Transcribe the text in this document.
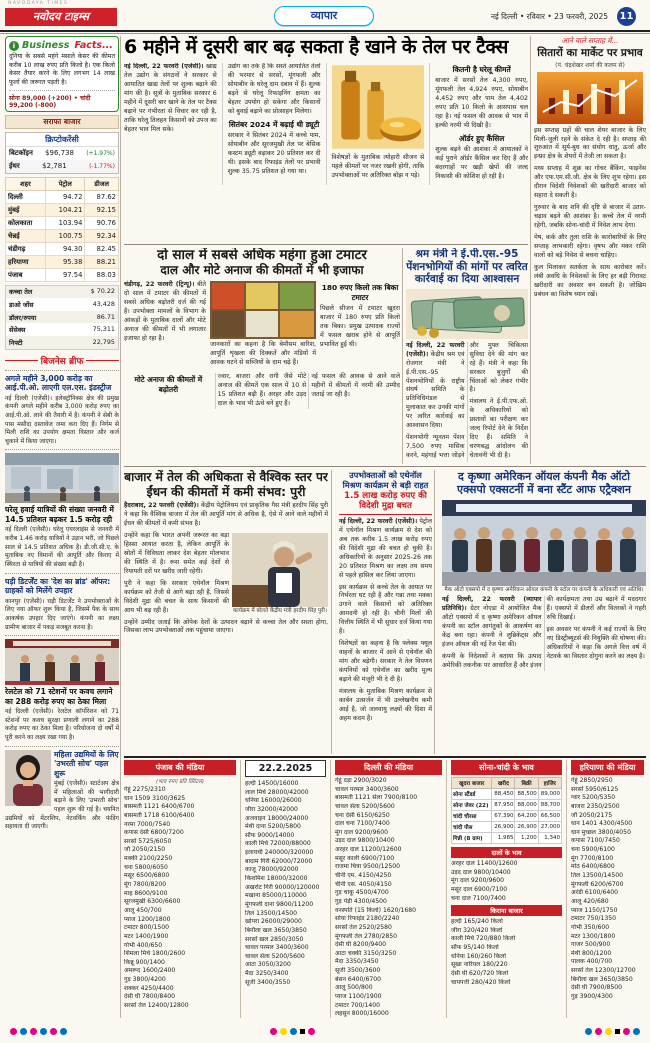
NAVODAYA TIMES
नवोदय टाइम्स	व्यापार	नई दिल्ली • रविवार • 23 फरवरी, 2025 11
i Business Facts...
दुनिया के सबसे महंगे मसाले केसर की कीमत करीब 10 लाख रुपए प्रति किलो है। एक किलो केसर तैयार करने के लिए लगभग 14 लाख फूलों की जरूरत पड़ती है।
सोना 89,000 (+200) • चांदी 99,200 (-800)
सराफा बाजार
क्रिप्टोकरेंसी
बिटकॉइन $96,738 (+1.97%)
ईथर	$2,781	(-1.77%)
शहर	पेट्रोल	डीजल
दिल्ली	94.72	87.62
मुंबई	104.21	92.15
कोलकाता	103.94	90.76
चेन्नई	100.75	92.34
चंडीगढ़	94.30	82.45
हरियाणा	95.38	88.21
पंजाब	97.54	88.03
कच्चा तेल	$ 70.22
डाओ जोंस	43,428
डॉलर/रुपया	86.71
सेंसेक्स	75,311
निफ्टी	22,795
बिजनेस ब्रीफ
अगले महीने 3,000 करोड़ का आई.पी.ओ. लाएगी एल.एस. इंडस्ट्रीज

नई दिल्ली (एजेंसी)। इलेक्ट्रॉनिक्स क्षेत्र की प्रमुख कंपनी अगले महीने करीब 3,000 करोड़ रुपए का आई.पी.ओ. लाने की तैयारी में है। कंपनी ने सेबी के पास मसौदा दस्तावेज जमा करा दिए हैं। निर्गम से मिली राशि का उपयोग क्षमता विस्तार और कर्ज चुकाने में किया जाएगा।

घरेलू हवाई यात्रियों की संख्या जनवरी में 14.5 प्रतिशत बढ़कर 1.5 करोड़ रही

नई दिल्ली (एजेंसी)। घरेलू एयरलाइंस से जनवरी में करीब 1.46 करोड़ यात्रियों ने उड़ान भरी, जो पिछले साल से 14.5 प्रतिशत अधिक है। डी.जी.सी.ए. के मुताबिक नए विमानों की आपूर्ति और किराए में स्थिरता से यात्रियों की संख्या बढ़ी है।

घड़ी डिटर्जेंट का 'देश का ब्रांड' ऑफर: ग्राहकों को मिलेंगे उपहार

कानपुर (एजेंसी)। घड़ी डिटर्जेंट ने उपभोक्ताओं के लिए नया ऑफर शुरू किया है, जिसमें पैक के साथ आकर्षक उपहार दिए जाएंगे। कंपनी का लक्ष्य ग्रामीण बाजार में पकड़ मजबूत करना है।

रेलटेल को 71 स्टेशनों पर कवच लगाने का 288 करोड़ रुपए का ठेका मिला

नई दिल्ली (एजेंसी)। रेलटेल कॉर्पोरेशन को 71 स्टेशनों पर कवच सुरक्षा प्रणाली लगाने का 288 करोड़ रुपए का ठेका मिला है। परियोजना दो वर्षों में पूरी करने का लक्ष्य रखा गया है।

महिला उद्यमियों के लिए 'उभरती सोच' पहल शुरू

मुंबई (एजेंसी)। स्टार्टअप क्षेत्र में महिलाओं की भागीदारी बढ़ाने के लिए 'उभरती सोच' पहल शुरू की गई है। चयनित उद्यमियों को मेंटरशिप, नेटवर्किंग और फंडिंग सहायता दी जाएगी।

6 महीने में दूसरी बार बढ़ सकता है खाने के तेल पर टैक्स

नई दिल्ली, 22 फरवरी (एजेंसी)। खाद्य तेल उद्योग के संगठनों ने सरकार से आयातित खाद्य तेलों पर शुल्क बढ़ाने की मांग की है। सूत्रों के मुताबिक सरकार 6 महीने में दूसरी बार खाने के तेल पर टैक्स बढ़ाने पर गंभीरता से विचार कर रही है, ताकि घरेलू तिलहन किसानों को उपज का बेहतर भाव मिल सके।

उद्योग का तर्क है कि सस्ते आयातित तेलों की भरमार से सरसों, मूंगफली और सोयाबीन के घरेलू दाम दबाव में हैं। शुल्क बढ़ने से घरेलू रिफाइनिंग क्षमता का बेहतर उपयोग हो सकेगा और किसानों को बुवाई बढ़ाने का प्रोत्साहन मिलेगा।

सितंबर 2024 में बढ़ाई थी ड्यूटी

सरकार ने सितंबर 2024 में कच्चे पाम, सोयाबीन और सूरजमुखी तेल पर बेसिक कस्टम ड्यूटी बढ़ाकर 20 प्रतिशत कर दी थी। इसके बाद रिफाइंड तेलों पर प्रभावी शुल्क 35.75 प्रतिशत हो गया था।

विशेषज्ञों के मुताबिक त्योहारी सीजन से पहले कीमतों पर नजर रखनी होगी, ताकि उपभोक्ताओं पर अतिरिक्त बोझ न पड़े।

कितनी है घरेलू कीमतें

बाजार में सरसों तेल 4,300 रुपए, मूंगफली तेल 4,924 रुपए, सोयाबीन 4,452 रुपए और पाम तेल 4,402 रुपए प्रति 10 किलो के आसपास चल रहा है। नई फसल की आवक से भाव में हल्की नरमी भी दिखी है।

ऑर्डर हुए कैंसिल

शुल्क बढ़ने की आशंका में आयातकों ने कई पुराने ऑर्डर कैंसिल कर दिए हैं और बंदरगाहों पर खड़ी खेपों की जल्द निकासी की कोशिश हो रही है।

दो साल में सबसे अधिक महंगा हुआ टमाटर
दाल और मोटे अनाज की कीमतों में भी इजाफा

चंडीगढ़, 22 फरवरी (ट्रिन्यू)। बीते दो साल में टमाटर की कीमतों में सबसे अधिक बढ़ोतरी दर्ज की गई है। उपभोक्ता मामलों के विभाग के आंकड़ों के मुताबिक दालों और मोटे अनाज की कीमतों में भी लगातार इजाफा हो रहा है।

जानकारों का कहना है कि बेमौसम बारिश, आपूर्ति शृंखला की दिक्कतें और मंडियों में आवक घटने से सब्जियों के दाम चढ़े हैं।

180 रुपए किलो तक बिका टमाटर

पिछले सीजन में टमाटर खुदरा बाजार में 180 रुपए प्रति किलो तक बिका। प्रमुख उत्पादक राज्यों में फसल खराब होने से आपूर्ति प्रभावित हुई थी।

मोटे अनाज की कीमतों में बढ़ोतरी

ज्वार, बाजरा और रागी जैसे मोटे अनाज की कीमतें एक साल में 10 से 15 प्रतिशत बढ़ी हैं। अरहर और उड़द दाल के भाव भी ऊंचे बने हुए हैं।

नई फसल की आवक से आने वाले महीनों में कीमतों में नरमी की उम्मीद जताई जा रही है।

श्रम मंत्री ने ई.पी.एस.-95 पेंशनभोगियों की मांगों पर त्वरित कार्रवाई का दिया आश्वासन

नई दिल्ली, 22 फरवरी (एजेंसी)। केंद्रीय श्रम एवं रोजगार मंत्री ने ई.पी.एस.-95 पेंशनभोगियों के राष्ट्रीय संघर्ष समिति के प्रतिनिधिमंडल से मुलाकात कर उनकी मांगों पर त्वरित कार्रवाई का आश्वासन दिया।

पेंशनभोगी न्यूनतम पेंशन 7,500 रुपए मासिक करने, महंगाई भत्ता जोड़ने और मुफ्त चिकित्सा सुविधा देने की मांग कर रहे हैं। मंत्री ने कहा कि सरकार बुजुर्गों की चिंताओं को लेकर गंभीर है।

मंत्रालय ने ई.पी.एफ.ओ. के अधिकारियों को प्रस्तावों का परीक्षण कर जल्द रिपोर्ट देने के निर्देश दिए हैं। समिति ने चरणबद्ध आंदोलन की चेतावनी भी दी है।

आने वाले सप्ताह में...
सितारों का मार्केट पर प्रभाव
(पं. चंद्रशेखर शर्मा की कलम से)

इस सप्ताह ग्रहों की चाल शेयर बाजार के लिए मिली-जुली रहने के संकेत दे रही है। सप्ताह की शुरुआत में सूर्य-बुध का संयोग धातु, ऊर्जा और इन्फ्रा क्षेत्र के शेयरों में तेजी ला सकता है।

मध्य सप्ताह में शुक्र का गोचर बैंकिंग, फाइनेंस और एफ.एम.सी.जी. क्षेत्र के लिए शुभ रहेगा। इस दौरान विदेशी निवेशकों की खरीदारी बाजार को सहारा दे सकती है।

गुरुवार के बाद शनि की दृष्टि से बाजार में उतार-चढ़ाव बढ़ने की आशंका है। कच्चे तेल में नरमी रहेगी, जबकि सोना-चांदी में निवेश लाभ देगा।

मेष, कर्क और तुला राशि के कारोबारियों के लिए सप्ताह लाभकारी रहेगा। वृषभ और मकर राशि वालों को बड़े निवेश से बचना चाहिए।

कुल मिलाकर सतर्कता के साथ कारोबार करें। लंबी अवधि के निवेशकों के लिए हर बड़ी गिरावट खरीदारी का अवसर बन सकती है। जोखिम प्रबंधन का विशेष ध्यान रखें।

बाजार में तेल की अधिकता से वैश्विक स्तर पर ईंधन की कीमतों में कमी संभव: पुरी

हैदराबाद, 22 फरवरी (एजेंसी)। केंद्रीय पेट्रोलियम एवं प्राकृतिक गैस मंत्री हरदीप सिंह पुरी ने कहा कि वैश्विक बाजार में तेल की आपूर्ति मांग से अधिक है, ऐसे में आने वाले महीनों में ईंधन की कीमतों में कमी संभव है।

कार्यक्रम में बोलते केंद्रीय मंत्री हरदीप सिंह पुरी।

उन्होंने कहा कि भारत अपनी जरूरत का बड़ा हिस्सा आयात करता है, लेकिन आपूर्ति के स्रोतों में विविधता लाकर देश बेहतर मोलभाव की स्थिति में है। रूस समेत कई देशों से रियायती दरों पर खरीद जारी रहेगी।

पुरी ने कहा कि सरकार एथेनॉल मिश्रण कार्यक्रम को तेजी से आगे बढ़ा रही है, जिससे विदेशी मुद्रा की बचत के साथ किसानों की आय भी बढ़ रही है।

उन्होंने उम्मीद जताई कि ओपेक देशों के उत्पादन बढ़ाने से कच्चा तेल और सस्ता होगा, जिसका लाभ उपभोक्ताओं तक पहुंचाया जाएगा।

उपभोक्ताओं को एथेनॉल मिश्रण कार्यक्रम से बड़ी राहत
1.5 लाख करोड़ रुपए की विदेशी मुद्रा बचत

नई दिल्ली, 22 फरवरी (एजेंसी)। पेट्रोल में एथेनॉल मिश्रण कार्यक्रम से देश को अब तक करीब 1.5 लाख करोड़ रुपए की विदेशी मुद्रा की बचत हो चुकी है। अधिकारियों के अनुसार 2025-26 तक 20 प्रतिशत मिश्रण का लक्ष्य तय समय से पहले हासिल कर लिया जाएगा।

इस कार्यक्रम से कच्चे तेल के आयात पर निर्भरता घट रही है और गन्ना तथा मक्का उगाने वाले किसानों को अतिरिक्त आमदनी हो रही है। चीनी मिलों की वित्तीय स्थिति में भी सुधार दर्ज किया गया है।

विशेषज्ञों का कहना है कि फ्लेक्स फ्यूल वाहनों के बाजार में आने से एथेनॉल की मांग और बढ़ेगी। सरकार ने तेल विपणन कंपनियों को एथेनॉल का खरीद मूल्य बढ़ाने की मंजूरी भी दे दी है।

मंत्रालय के मुताबिक मिश्रण कार्यक्रम से कार्बन उत्सर्जन में भी उल्लेखनीय कमी आई है, जो जलवायु लक्ष्यों की दिशा में अहम कदम है।

द कृष्णा अमेरिकन ऑयल कंपनी मैक ऑटो एक्सपो एक्सटर्नी में बना स्टैंट आफ एट्रैक्शन
मैक ऑटो एक्सपो में द कृष्णा अमेरिकन ऑयल कंपनी के स्टॉल पर कंपनी के अधिकारी एवं अतिथि।

नई दिल्ली, 22 फरवरी (व्यापार प्रतिनिधि)। ग्रेटर नोएडा में आयोजित मैक ऑटो एक्सपो में द कृष्णा अमेरिकन ऑयल कंपनी का स्टॉल आगंतुकों के आकर्षण का केंद्र बना रहा। कंपनी ने लुब्रिकेंट्स और इंजन ऑयल की नई रेंज पेश की।

कंपनी के निदेशकों ने बताया कि उत्पाद अमेरिकी तकनीक पर आधारित हैं और इंजन की कार्यक्षमता तथा उम्र बढ़ाने में मददगार हैं। एक्सपो में डीलरों और वितरकों ने गहरी रुचि दिखाई।

इस अवसर पर कंपनी ने कई राज्यों के लिए नए डिस्ट्रीब्यूटर्स की नियुक्ति की घोषणा की। अधिकारियों ने कहा कि अगले वित्त वर्ष में नेटवर्क का विस्तार दोगुना करने का लक्ष्य है।

पंजाब की मंडिया
(भाव रुपए प्रति क्विंटल)
गेहूं 2275/2310
धान 1509 3100/3625
बासमती 1121 6400/6700
बासमती 1718 6100/6400
नरमा 7000/7540
कपास देसी 6800/7200
सरसों 5725/6050
जौ 2050/2150
मक्की 2100/2250
चना 5800/6050
मसूर 6500/6800
मूंग 7800/8200
माह 8600/9100
सूरजमुखी 6300/6600
आलू 450/700
प्याज 1200/1800
टमाटर 800/1500
मटर 1400/1900
गोभी 400/650
शिमला मिर्च 1800/2600
किन्नू 900/1400
अमरूद 1600/2400
गुड़ 3800/4200
शक्कर 4250/4400
देसी घी 7800/8400
सरसों तेल 12400/12800
22.2.2025
हल्दी 14500/16000
लाल मिर्च 28000/42000
धनिया 16000/26000
जीरा 32000/42000
अजवाइन 18000/24000
मेथी दाना 5200/5800
सौंफ 9000/14000
काली मिर्च 72000/88000
इलायची 240000/320000
बादाम गिरी 62000/72000
काजू 78000/92000
किशमिश 18000/32000
अखरोट गिरी 90000/120000
मखाना 85000/110000
मूंगफली दाना 9800/11200
तिल 13500/14500
खोपरा 26000/29000
बिनौला खल 3650/3850
सरसों खल 2850/3050
चावल परमल 3400/3600
चावल सेला 5200/5600
आटा 3050/3200
मैदा 3250/3400
सूजी 3400/3550
दिल्ली की मंडिया
गेहूं दड़ा 2900/3020
चावल परमल 3400/3600
बासमती 1121 सेला 7900/8100
चावल सेला 5200/5600
चना देसी 6150/6250
दाल चना 7100/7400
मूंग दाल 9200/9600
उड़द दाल 9800/10400
अरहर दाल 11200/12600
मसूर काली 6900/7100
राजमा चित्रा 9500/12500
चीनी एम. 4150/4250
चीनी एस. 4050/4150
गुड़ चाकू 4500/4700
गुड़ पेड़ी 4300/4500
वनस्पति (15 किलो) 1620/1680
सोया रिफाइंड 2180/2240
सरसों तेल 2520/2580
मूंगफली तेल 2780/2850
देसी घी 8200/9400
आटा चक्की 3150/3250
मैदा 3350/3450
सूजी 3500/3600
बेसन 6400/6700
आलू 500/800
प्याज 1100/1900
टमाटर 700/1400
लहसुन 8000/16000
सोना-चांदी के भाव
खुदरा बाजार	खरीद	बिक्री	हाजिर
सोना स्टैंडर्ड	88,450	88,500	89,000
सोना जेवर (22)	87,950	88,000	88,700
चांदी चौरसा	67,390	64,200	66,500
चांदी पीस	26,900	26,900	27,000
गिन्नी (8 ग्राम)	1,985	1,200	1,340
दालों के भाव
अरहर दाल 11400/12600
उड़द दाल 9800/10400
मूंग दाल 9200/9600
मसूर दाल 6900/7100
चना दाल 7100/7400
किराना बाजार
हल्दी 165/240 किलो
जीरा 320/420 किलो
काली मिर्च 720/880 किलो
सौंफ 95/140 किलो
धनिया 160/260 किलो
सूखा नारियल 180/220
देसी घी 620/720 किलो
चायपत्ती 280/420 किलो
हरियाणा की मंडिया
गेहूं 2850/2950
सरसों 5950/6125
ग्वार 5200/5350
बाजरा 2350/2500
जौ 2050/2175
धान 1401 4300/4500
धान मुच्छल 3800/4050
कपास 7100/7450
चना 5900/6100
मूंग 7700/8100
मोठ 6400/6800
तिल 13500/14500
मूंगफली 6200/6700
अरंडी 6100/6400
आलू 420/680
प्याज 1150/1750
टमाटर 750/1350
गोभी 350/600
मटर 1300/1800
गाजर 500/900
मेथी 800/1200
पालक 400/700
सरसों तेल 12300/12700
बिनौला खल 3650/3850
देसी घी 7900/8500
गुड़ 3900/4300
